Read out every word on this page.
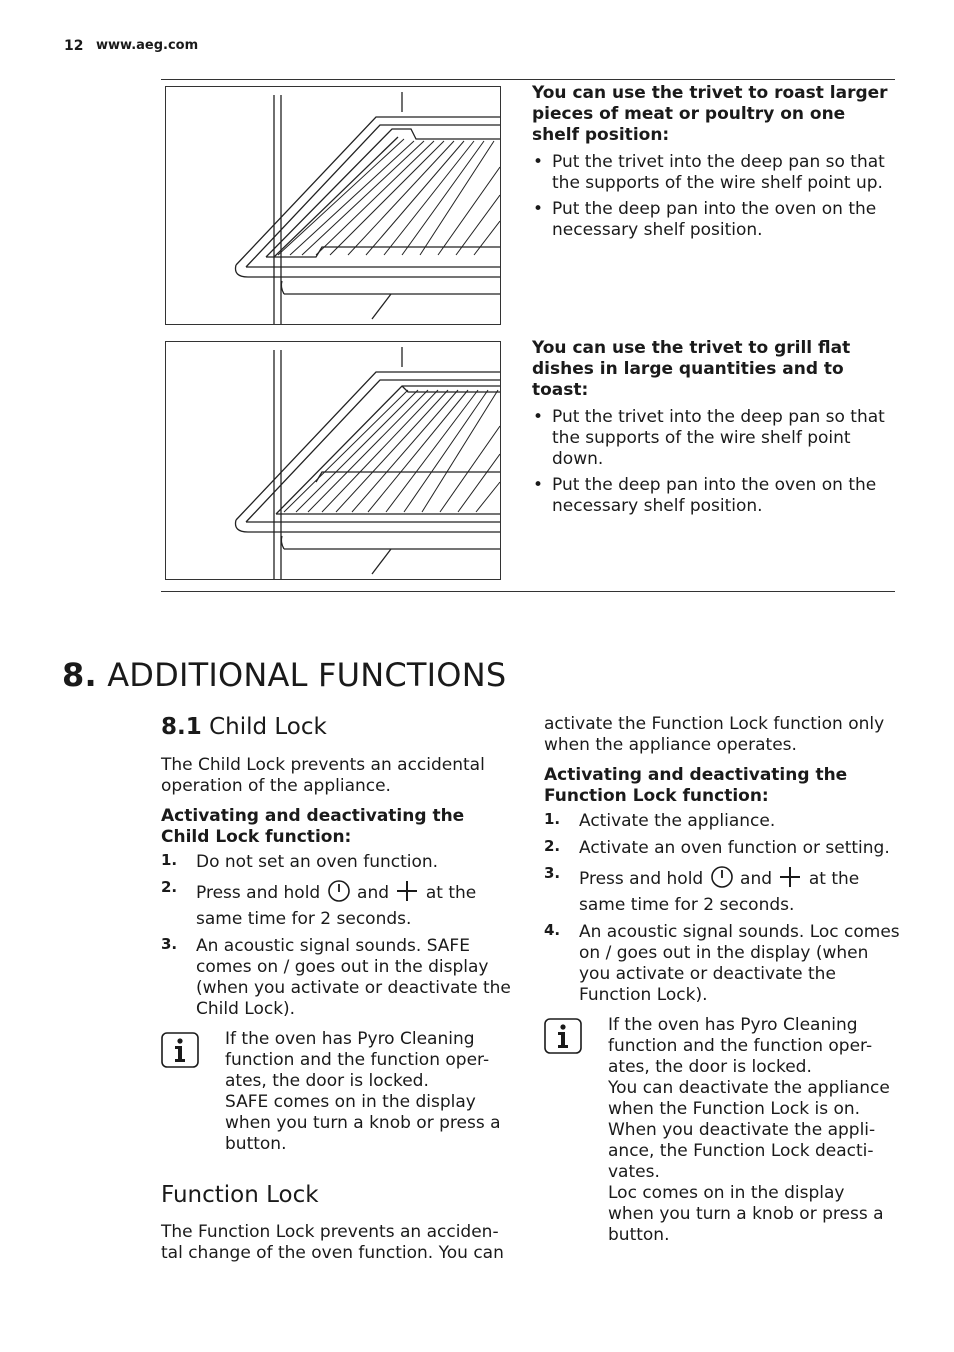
12 www.aeg.com
You can use the trivet to roast larger pieces of meat or poultry on one shelf position:
• Put the trivet into the deep pan so that the supports of the wire shelf point up.
• Put the deep pan into the oven on the necessary shelf position.
You can use the trivet to grill flat dishes in large quantities and to toast:
• Put the trivet into the deep pan so that the supports of the wire shelf point down.
• Put the deep pan into the oven on the necessary shelf position.
8. ADDITIONAL FUNCTIONS
8.1 Child Lock
The Child Lock prevents an accidental operation of the appliance.
Activating and deactivating the Child Lock function:
1. Do not set an oven function.
2. Press and hold and at the same time for 2 seconds.
3. An acoustic signal sounds. SAFE comes on / goes out in the display (when you activate or deactivate the Child Lock).
If the oven has Pyro Cleaning
function and the function oper-
ates, the door is locked.
SAFE comes on in the display
when you turn a knob or press a
button.
Function Lock
The Function Lock prevents an acciden-
tal change of the oven function. You can
activate the Function Lock function only
when the appliance operates.
Activating and deactivating the Function Lock function:
1. Activate the appliance.
2. Activate an oven function or setting.
3. Press and hold and at the same time for 2 seconds.
4. An acoustic signal sounds. Loc comes on / goes out in the display (when you activate or deactivate the Function Lock).
If the oven has Pyro Cleaning
function and the function oper-
ates, the door is locked.
You can deactivate the appliance
when the Function Lock is on.
When you deactivate the appli-
ance, the Function Lock deacti-
vates.
Loc comes on in the display
when you turn a knob or press a
button.
